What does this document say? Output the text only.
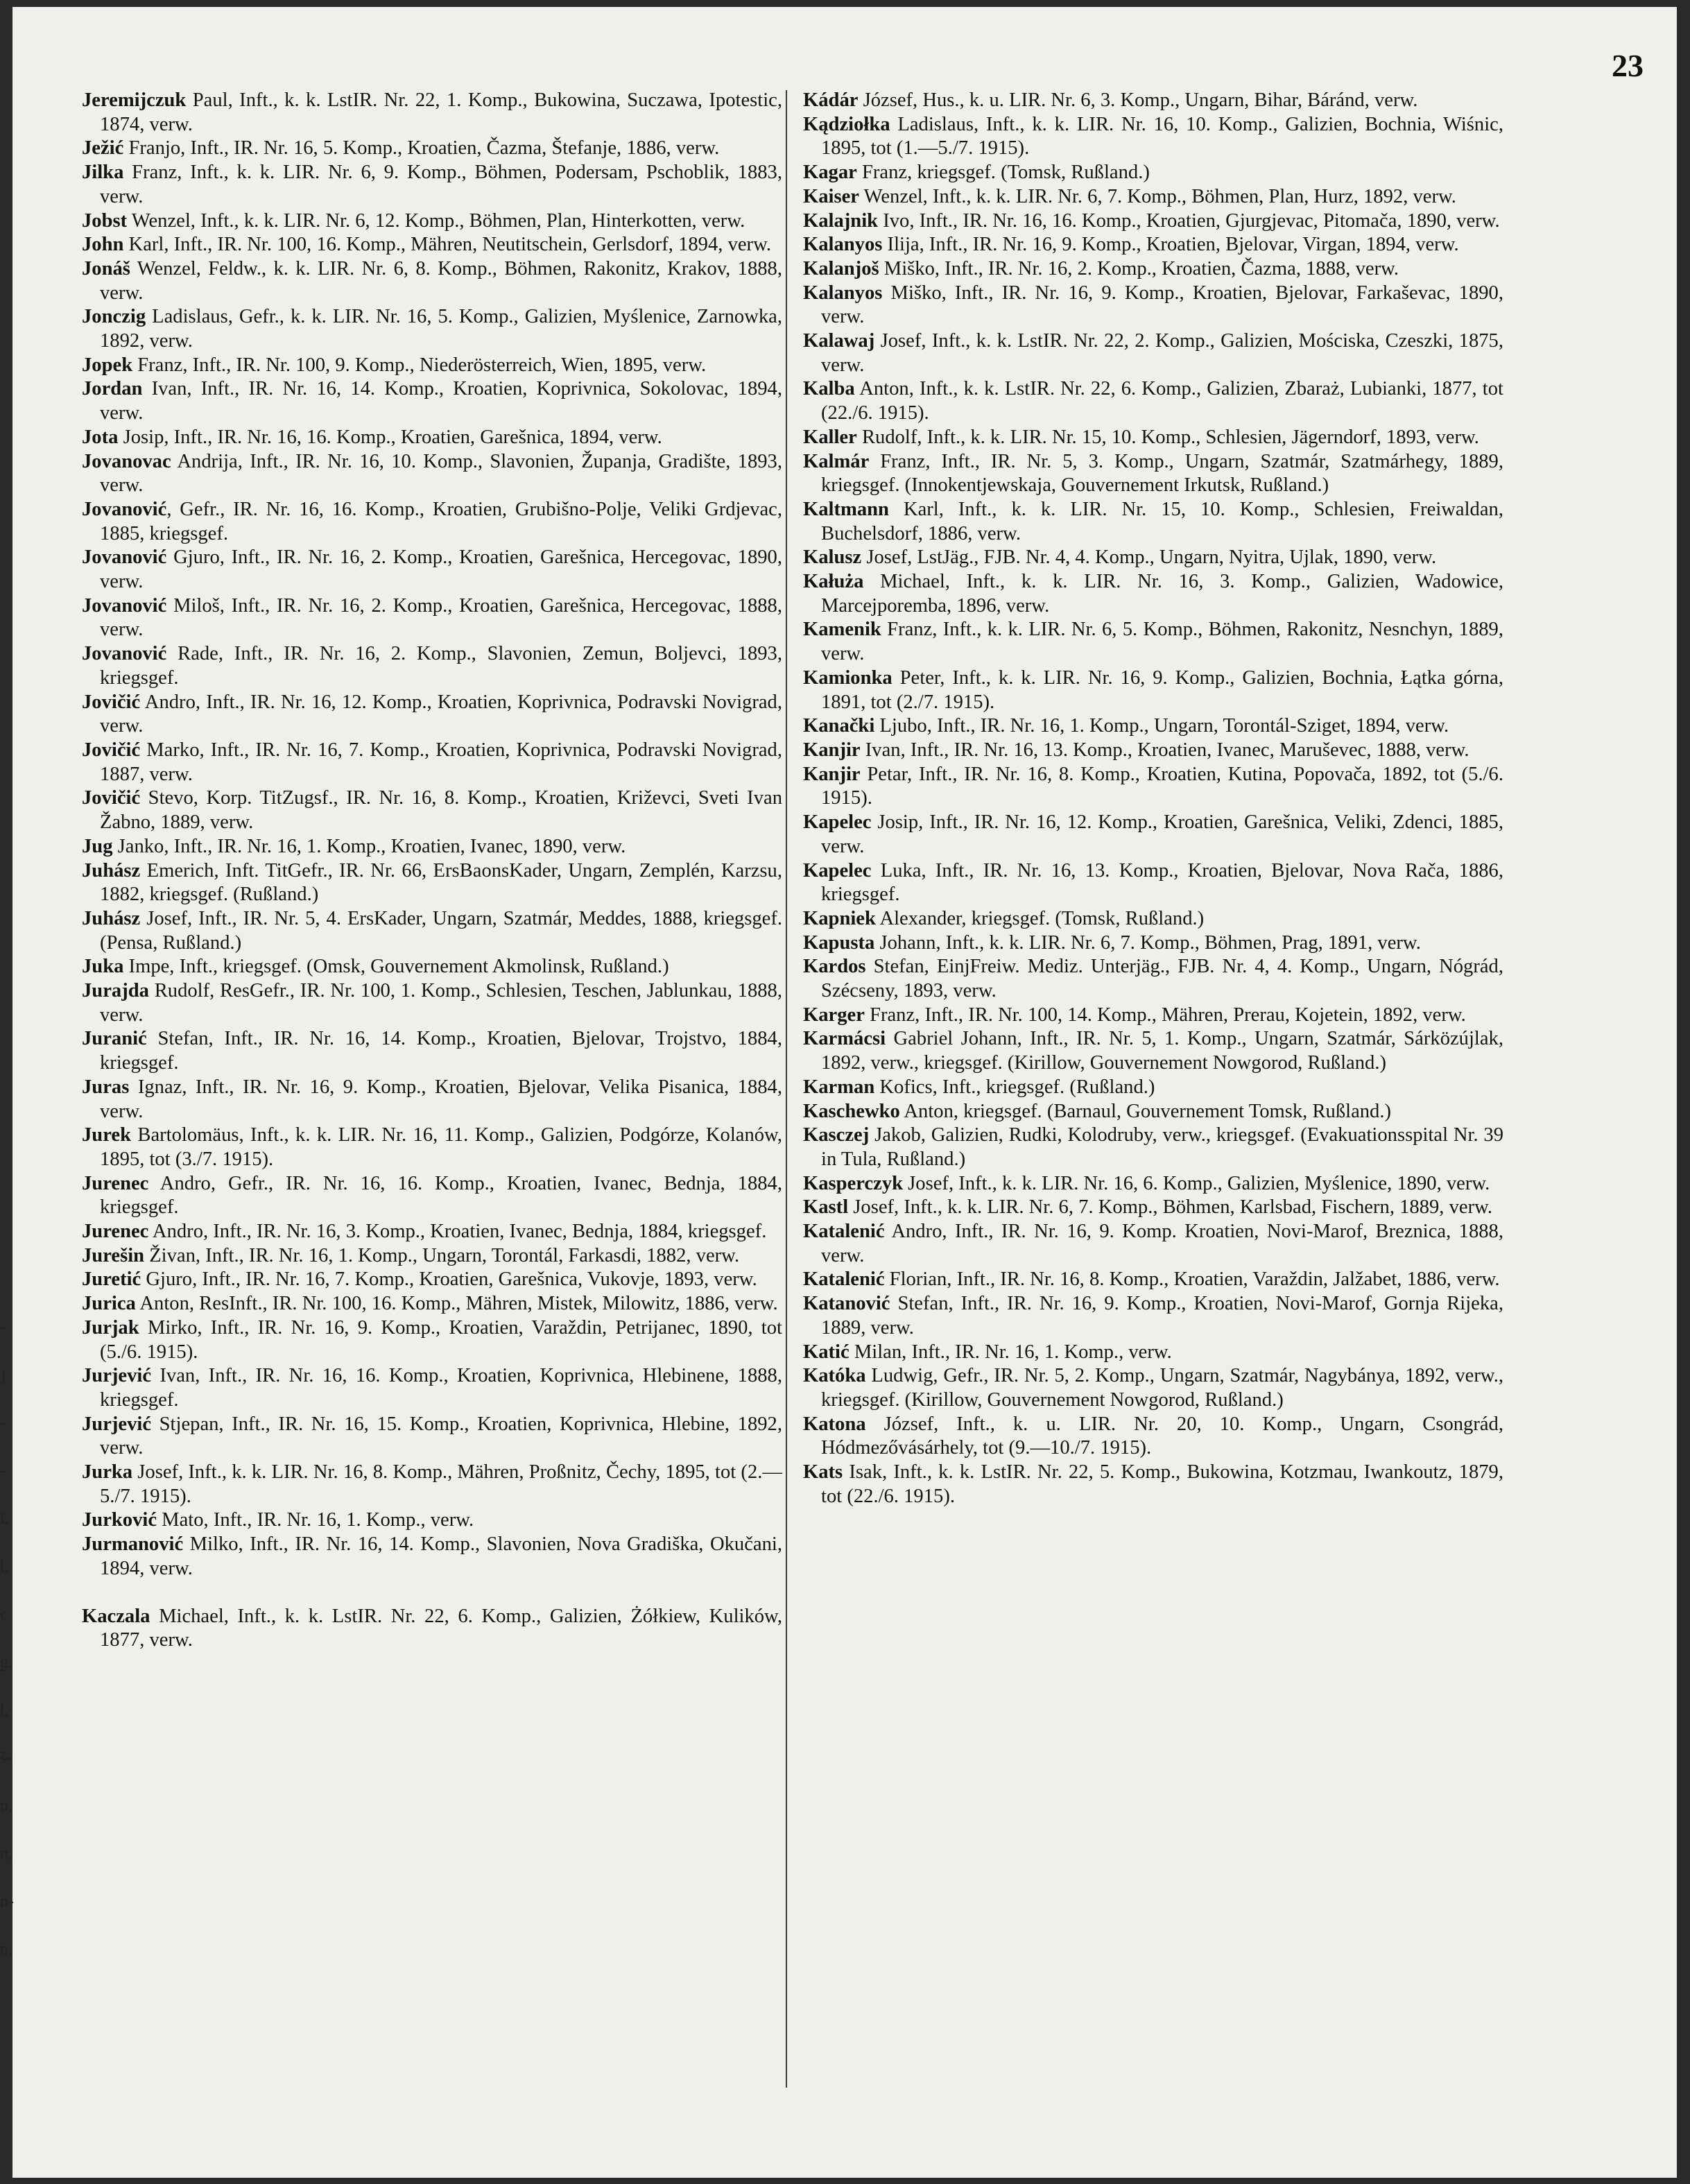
23

Jeremijczuk Paul, Inft., k. k. LstIR. Nr. 22, 1. Komp., Bukowina, Suczawa, Ipotestic, 1874, verw.

Ježić Franjo, Inft., IR. Nr. 16, 5. Komp., Kroatien, Čazma, Štefanje, 1886, verw.

Jilka Franz, Inft., k. k. LIR. Nr. 6, 9. Komp., Böhmen, Podersam, Pschoblik, 1883, verw.

Jobst Wenzel, Inft., k. k. LIR. Nr. 6, 12. Komp., Böhmen, Plan, Hinterkotten, verw.

John Karl, Inft., IR. Nr. 100, 16. Komp., Mähren, Neutitschein, Gerlsdorf, 1894, verw.

Jonáš Wenzel, Feldw., k. k. LIR. Nr. 6, 8. Komp., Böhmen, Rakonitz, Krakov, 1888, verw.

Jonczig Ladislaus, Gefr., k. k. LIR. Nr. 16, 5. Komp., Galizien, Myślenice, Zarnowka, 1892, verw.

Jopek Franz, Inft., IR. Nr. 100, 9. Komp., Niederösterreich, Wien, 1895, verw.

Jordan Ivan, Inft., IR. Nr. 16, 14. Komp., Kroatien, Koprivnica, Sokolovac, 1894, verw.

Jota Josip, Inft., IR. Nr. 16, 16. Komp., Kroatien, Garešnica, 1894, verw.

Jovanovac Andrija, Inft., IR. Nr. 16, 10. Komp., Slavonien, Županja, Gradište, 1893, verw.

Jovanović, Gefr., IR. Nr. 16, 16. Komp., Kroatien, Grubišno-Polje, Veliki Grdjevac, 1885, kriegsgef.

Jovanović Gjuro, Inft., IR. Nr. 16, 2. Komp., Kroatien, Garešnica, Hercegovac, 1890, verw.

Jovanović Miloš, Inft., IR. Nr. 16, 2. Komp., Kroatien, Garešnica, Hercegovac, 1888, verw.

Jovanović Rade, Inft., IR. Nr. 16, 2. Komp., Slavonien, Zemun, Boljevci, 1893, kriegsgef.

Jovičić Andro, Inft., IR. Nr. 16, 12. Komp., Kroatien, Koprivnica, Podravski Novigrad, verw.

Jovičić Marko, Inft., IR. Nr. 16, 7. Komp., Kroatien, Koprivnica, Podravski Novigrad, 1887, verw.

Jovičić Stevo, Korp. TitZugsf., IR. Nr. 16, 8. Komp., Kroatien, Križevci, Sveti Ivan Žabno, 1889, verw.

Jug Janko, Inft., IR. Nr. 16, 1. Komp., Kroatien, Ivanec, 1890, verw.

Juhász Emerich, Inft. TitGefr., IR. Nr. 66, ErsBaonsKader, Ungarn, Zemplén, Karzsu, 1882, kriegsgef. (Rußland.)

Juhász Josef, Inft., IR. Nr. 5, 4. ErsKader, Ungarn, Szatmár, Meddes, 1888, kriegsgef. (Pensa, Rußland.)

Juka Impe, Inft., kriegsgef. (Omsk, Gouvernement Akmolinsk, Rußland.)

Jurajda Rudolf, ResGefr., IR. Nr. 100, 1. Komp., Schlesien, Teschen, Jablunkau, 1888, verw.

Juranić Stefan, Inft., IR. Nr. 16, 14. Komp., Kroatien, Bjelovar, Trojstvo, 1884, kriegsgef.

Juras Ignaz, Inft., IR. Nr. 16, 9. Komp., Kroatien, Bjelovar, Velika Pisanica, 1884, verw.

Jurek Bartolomäus, Inft., k. k. LIR. Nr. 16, 11. Komp., Galizien, Podgórze, Kolanów, 1895, tot (3./7. 1915).

Jurenec Andro, Gefr., IR. Nr. 16, 16. Komp., Kroatien, Ivanec, Bednja, 1884, kriegsgef.

Jurenec Andro, Inft., IR. Nr. 16, 3. Komp., Kroatien, Ivanec, Bednja, 1884, kriegsgef.

Jurešin Živan, Inft., IR. Nr. 16, 1. Komp., Ungarn, Torontál, Farkasdi, 1882, verw.

Juretić Gjuro, Inft., IR. Nr. 16, 7. Komp., Kroatien, Garešnica, Vukovje, 1893, verw.

Jurica Anton, ResInft., IR. Nr. 100, 16. Komp., Mähren, Mistek, Milowitz, 1886, verw.

Jurjak Mirko, Inft., IR. Nr. 16, 9. Komp., Kroatien, Varaždin, Petrijanec, 1890, tot (5./6. 1915).

Jurjević Ivan, Inft., IR. Nr. 16, 16. Komp., Kroatien, Koprivnica, Hlebinene, 1888, kriegsgef.

Jurjević Stjepan, Inft., IR. Nr. 16, 15. Komp., Kroatien, Koprivnica, Hlebine, 1892, verw.

Jurka Josef, Inft., k. k. LIR. Nr. 16, 8. Komp., Mähren, Proßnitz, Čechy, 1895, tot (2.—5./7. 1915).

Jurković Mato, Inft., IR. Nr. 16, 1. Komp., verw.

Jurmanović Milko, Inft., IR. Nr. 16, 14. Komp., Slavonien, Nova Gradiška, Okučani, 1894, verw.

Kaczala Michael, Inft., k. k. LstIR. Nr. 22, 6. Komp., Galizien, Żółkiew, Kulików, 1877, verw.

Kádár József, Hus., k. u. LIR. Nr. 6, 3. Komp., Ungarn, Bihar, Báránd, verw.

Kądziołka Ladislaus, Inft., k. k. LIR. Nr. 16, 10. Komp., Galizien, Bochnia, Wiśnic, 1895, tot (1.—5./7. 1915).

Kagar Franz, kriegsgef. (Tomsk, Rußland.)

Kaiser Wenzel, Inft., k. k. LIR. Nr. 6, 7. Komp., Böhmen, Plan, Hurz, 1892, verw.

Kalajnik Ivo, Inft., IR. Nr. 16, 16. Komp., Kroatien, Gjurgjevac, Pitomača, 1890, verw.

Kalanyos Ilija, Inft., IR. Nr. 16, 9. Komp., Kroatien, Bjelovar, Virgan, 1894, verw.

Kalanjoš Miško, Inft., IR. Nr. 16, 2. Komp., Kroatien, Čazma, 1888, verw.

Kalanyos Miško, Inft., IR. Nr. 16, 9. Komp., Kroatien, Bjelovar, Farkaševac, 1890, verw.

Kalawaj Josef, Inft., k. k. LstIR. Nr. 22, 2. Komp., Galizien, Mościska, Czeszki, 1875, verw.

Kalba Anton, Inft., k. k. LstIR. Nr. 22, 6. Komp., Galizien, Zbaraż, Lubianki, 1877, tot (22./6. 1915).

Kaller Rudolf, Inft., k. k. LIR. Nr. 15, 10. Komp., Schlesien, Jägerndorf, 1893, verw.

Kalmár Franz, Inft., IR. Nr. 5, 3. Komp., Ungarn, Szatmár, Szatmárhegy, 1889, kriegsgef. (Innokentjewskaja, Gouvernement Irkutsk, Rußland.)

Kaltmann Karl, Inft., k. k. LIR. Nr. 15, 10. Komp., Schlesien, Freiwaldan, Buchelsdorf, 1886, verw.

Kalusz Josef, LstJäg., FJB. Nr. 4, 4. Komp., Ungarn, Nyitra, Ujlak, 1890, verw.

Kałuża Michael, Inft., k. k. LIR. Nr. 16, 3. Komp., Galizien, Wadowice, Marcejporemba, 1896, verw.

Kamenik Franz, Inft., k. k. LIR. Nr. 6, 5. Komp., Böhmen, Rakonitz, Nesnchyn, 1889, verw.

Kamionka Peter, Inft., k. k. LIR. Nr. 16, 9. Komp., Galizien, Bochnia, Łątka górna, 1891, tot (2./7. 1915).

Kanački Ljubo, Inft., IR. Nr. 16, 1. Komp., Ungarn, Torontál-Sziget, 1894, verw.

Kanjir Ivan, Inft., IR. Nr. 16, 13. Komp., Kroatien, Ivanec, Maruševec, 1888, verw.

Kanjir Petar, Inft., IR. Nr. 16, 8. Komp., Kroatien, Kutina, Popovača, 1892, tot (5./6. 1915).

Kapelec Josip, Inft., IR. Nr. 16, 12. Komp., Kroatien, Garešnica, Veliki, Zdenci, 1885, verw.

Kapelec Luka, Inft., IR. Nr. 16, 13. Komp., Kroatien, Bjelovar, Nova Rača, 1886, kriegsgef.

Kapniek Alexander, kriegsgef. (Tomsk, Rußland.)

Kapusta Johann, Inft., k. k. LIR. Nr. 6, 7. Komp., Böhmen, Prag, 1891, verw.

Kardos Stefan, EinjFreiw. Mediz. Unterjäg., FJB. Nr. 4, 4. Komp., Ungarn, Nógrád, Szécseny, 1893, verw.

Karger Franz, Inft., IR. Nr. 100, 14. Komp., Mähren, Prerau, Kojetein, 1892, verw.

Karmácsi Gabriel Johann, Inft., IR. Nr. 5, 1. Komp., Ungarn, Szatmár, Sárközújlak, 1892, verw., kriegsgef. (Kirillow, Gouvernement Nowgorod, Rußland.)

Karman Kofics, Inft., kriegsgef. (Rußland.)

Kaschewko Anton, kriegsgef. (Barnaul, Gouvernement Tomsk, Rußland.)

Kasczej Jakob, Galizien, Rudki, Kolodruby, verw., kriegsgef. (Evakuationsspital Nr. 39 in Tula, Rußland.)

Kasperczyk Josef, Inft., k. k. LIR. Nr. 16, 6. Komp., Galizien, Myślenice, 1890, verw.

Kastl Josef, Inft., k. k. LIR. Nr. 6, 7. Komp., Böhmen, Karlsbad, Fischern, 1889, verw.

Katalenić Andro, Inft., IR. Nr. 16, 9. Komp. Kroatien, Novi-Marof, Breznica, 1888, verw.

Katalenić Florian, Inft., IR. Nr. 16, 8. Komp., Kroatien, Varaždin, Jalžabet, 1886, verw.

Katanović Stefan, Inft., IR. Nr. 16, 9. Komp., Kroatien, Novi-Marof, Gornja Rijeka, 1889, verw.

Katić Milan, Inft., IR. Nr. 16, 1. Komp., verw.

Katóka Ludwig, Gefr., IR. Nr. 5, 2. Komp., Ungarn, Szatmár, Nagybánya, 1892, verw., kriegsgef. (Kirillow, Gouvernement Nowgorod, Rußland.)

Katona József, Inft., k. u. LIR. Nr. 20, 10. Komp., Ungarn, Csongrád, Hódmezővásárhely, tot (9.—10./7. 1915).

Kats Isak, Inft., k. k. LstIR. Nr. 22, 5. Komp., Bukowina, Kotzmau, Iwankoutz, 1879, tot (22./6. 1915).

-
)
-
-
i,
l,
c
g,
l,
š-
n,
n,
n-
n,
